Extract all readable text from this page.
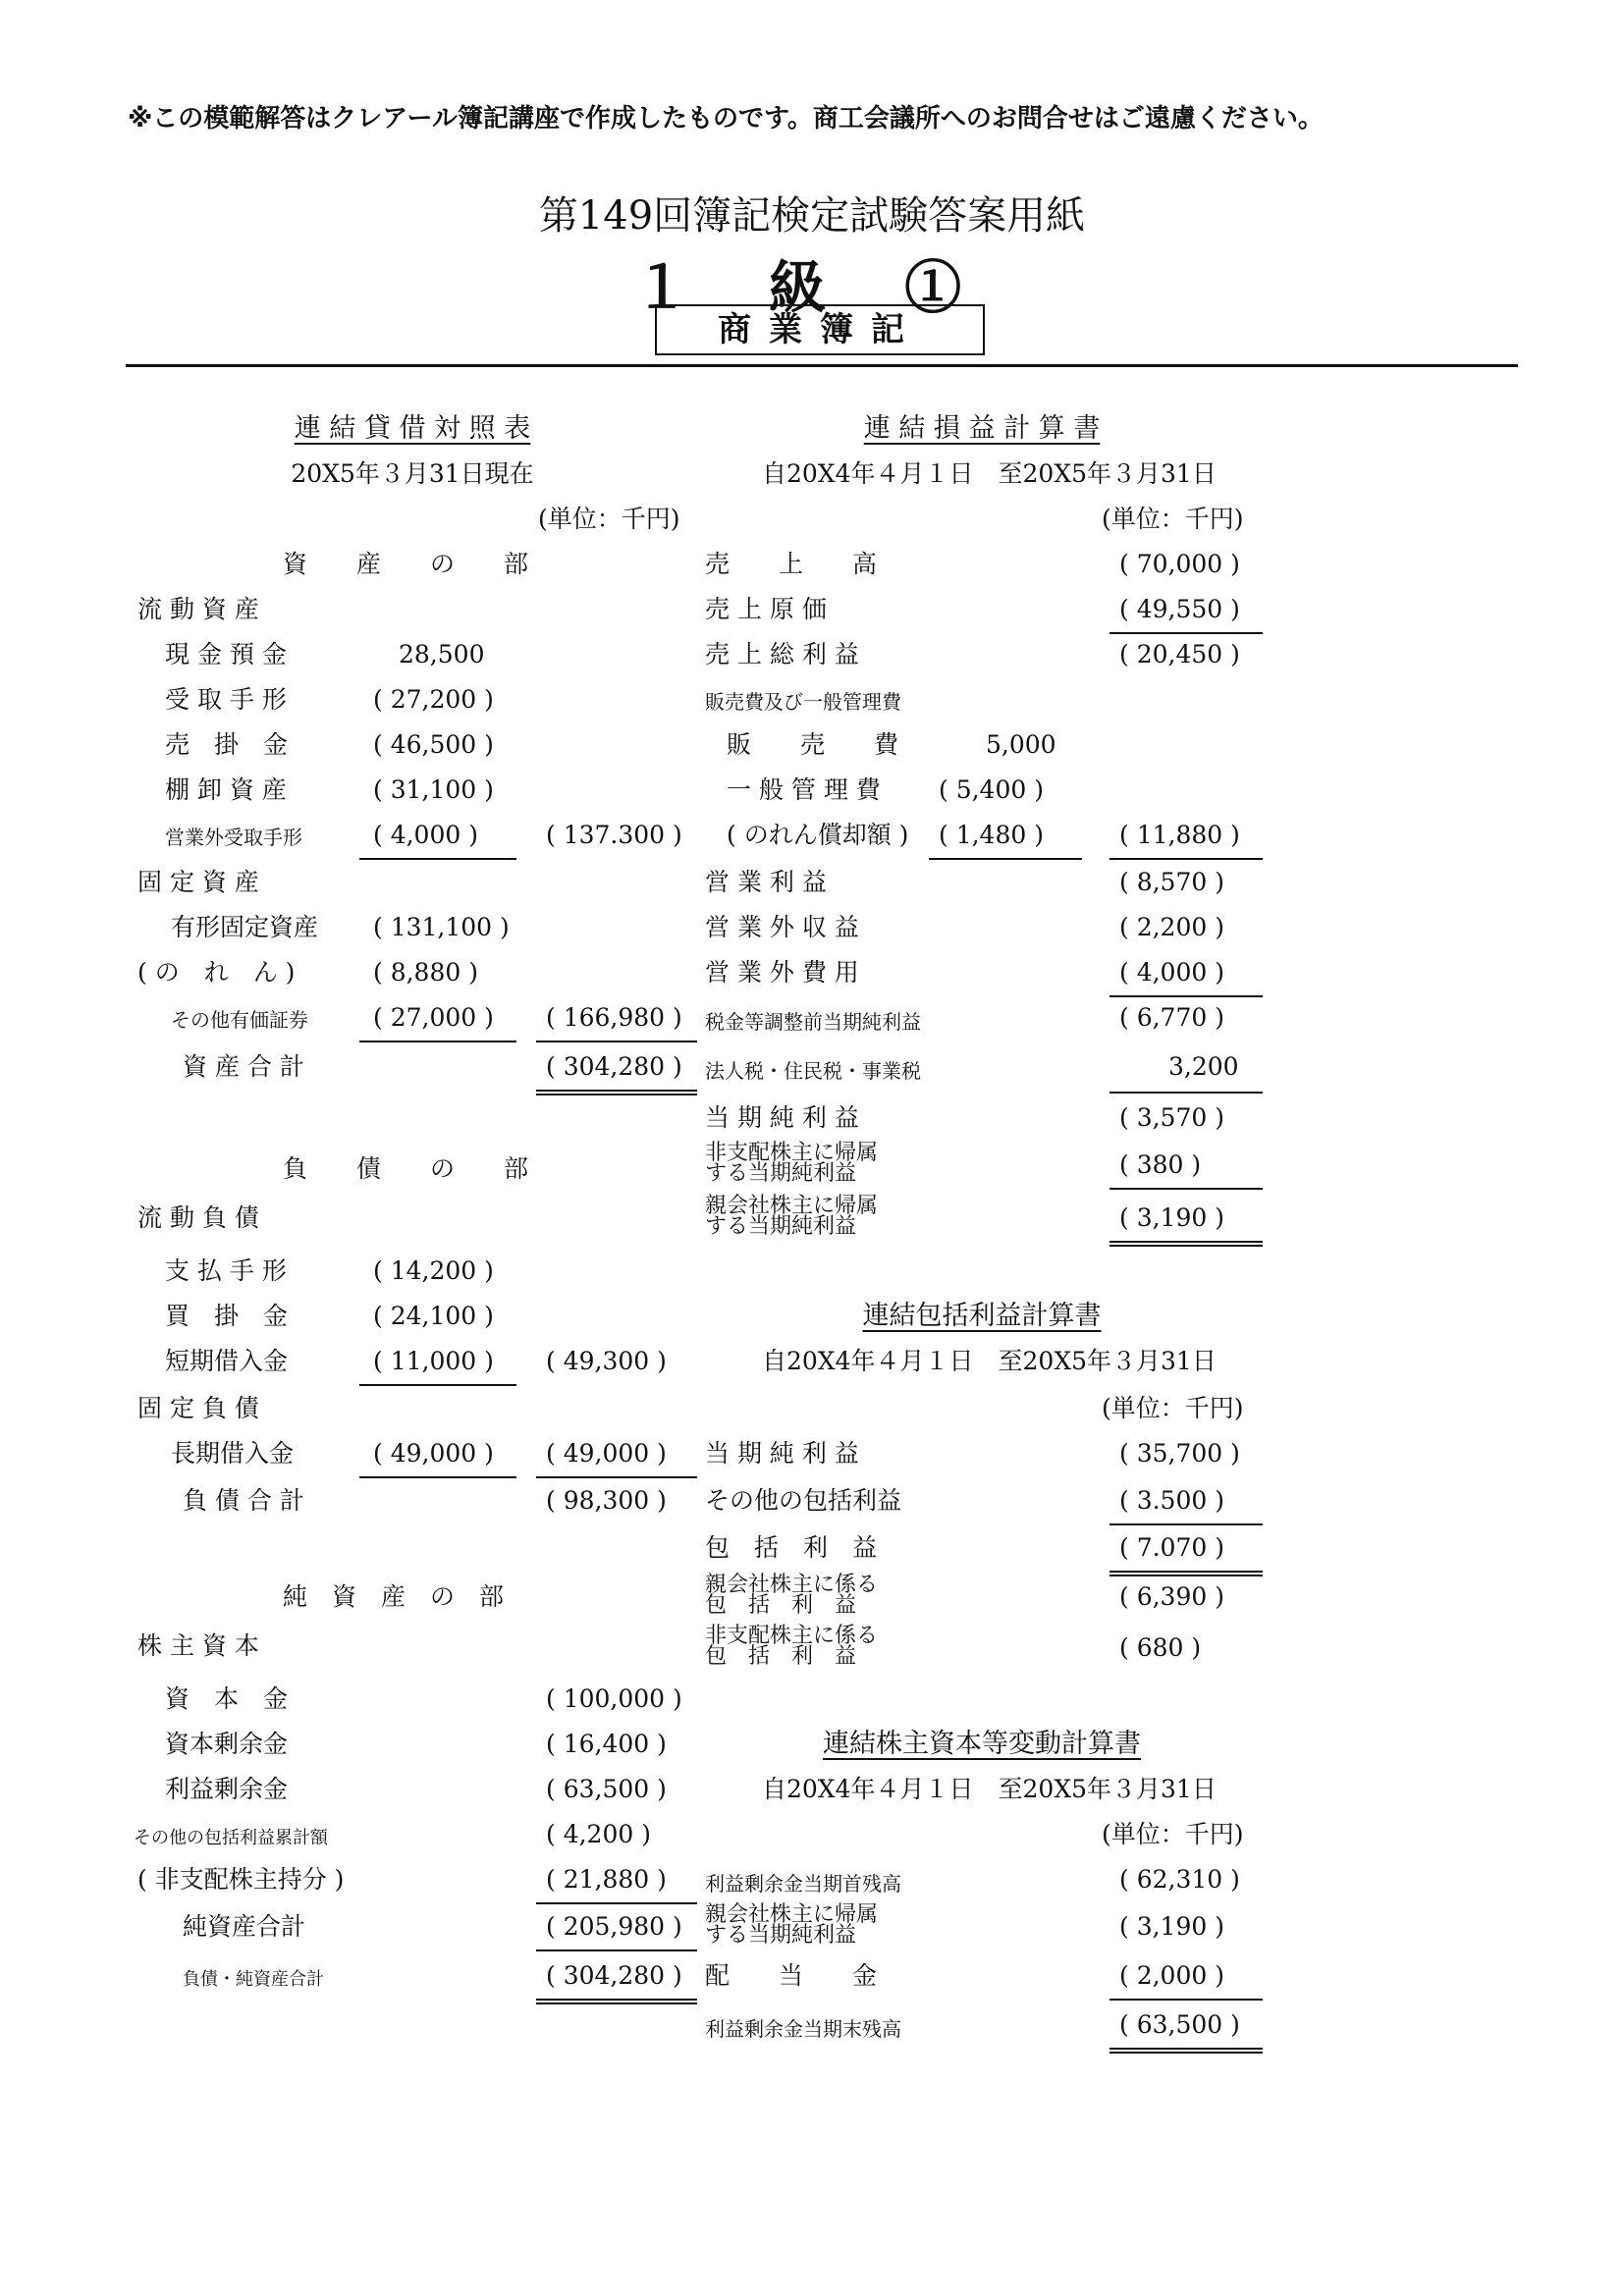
※この模範解答はクレアール簿記講座で作成したものです。商工会議所へのお問合せはご遠慮ください。
第149回簿記検定試験答案用紙
１ 級 ①
商業簿記
連 結 貸 借 対 照 表
20X5年３月31日現在
(単位：千円)
資　　産　　の　　部
流 動 資 産
現 金 預 金	28,500
受 取 手 形	( 27,200 )
売　掛　金	( 46,500 )
棚 卸 資 産	( 31,100 )
営業外受取手形	( 4,000 )	( 137.300 )
固 定 資 産
有形固定資産 ( 131,100 )
( の　れ　ん )	( 8,880 )
その他有価証券	( 27,000 ) ( 166,980 )
資 産 合 計	( 304,280 )
負　　債　　の　　部
流 動 負 債
支 払 手 形	( 14,200 )
買　掛　金	( 24,100 )
短期借入金	( 11,000 ) ( 49,300 )
固 定 負 債
長期借入金	( 49,000 ) ( 49,000 )
負 債 合 計	( 98,300 )
純　資　産　の　部
株 主 資 本
資　本　金	( 100,000 )
資本剰余金	( 16,400 )
利益剰余金	( 63,500 )
その他の包括利益累計額	( 4,200 )
( 非支配株主持分 )	( 21,880 )
純資産合計	( 205,980 )
負債・純資産合計	( 304,280 )
連 結 損 益 計 算 書
自20X4年４月１日　至20X5年３月31日
(単位：千円)
売　　上　　高	( 70,000 )
売 上 原 価	( 49,550 )
売 上 総 利 益	( 20,450 )
販売費及び一般管理費
販　　売　　費	5,000
一 般 管 理 費 ( 5,400 )
( のれん償却額 ) ( 1,480 )	( 11,880 )
営 業 利 益	( 8,570 )
営 業 外 収 益	( 2,200 )
営 業 外 費 用	( 4,000 )
税金等調整前当期純利益	( 6,770 )
法人税・住民税・事業税	3,200
当 期 純 利 益	( 3,570 )
非支配株主に帰属
する当期純利益	( 380 )
親会社株主に帰属
する当期純利益	( 3,190 )
連結包括利益計算書
自20X4年４月１日　至20X5年３月31日
(単位：千円)
当 期 純 利 益	( 35,700 )
その他の包括利益	( 3.500 )
包　括　利　益	( 7.070 )
親会社株主に係る
包　括　利　益	( 6,390 )
非支配株主に係る
包　括　利　益	( 680 )
連結株主資本等変動計算書
自20X4年４月１日　至20X5年３月31日
(単位：千円)
利益剰余金当期首残高	( 62,310 )
親会社株主に帰属
する当期純利益	( 3,190 )
配　　当　　金	( 2,000 )
利益剰余金当期末残高	( 63,500 )
